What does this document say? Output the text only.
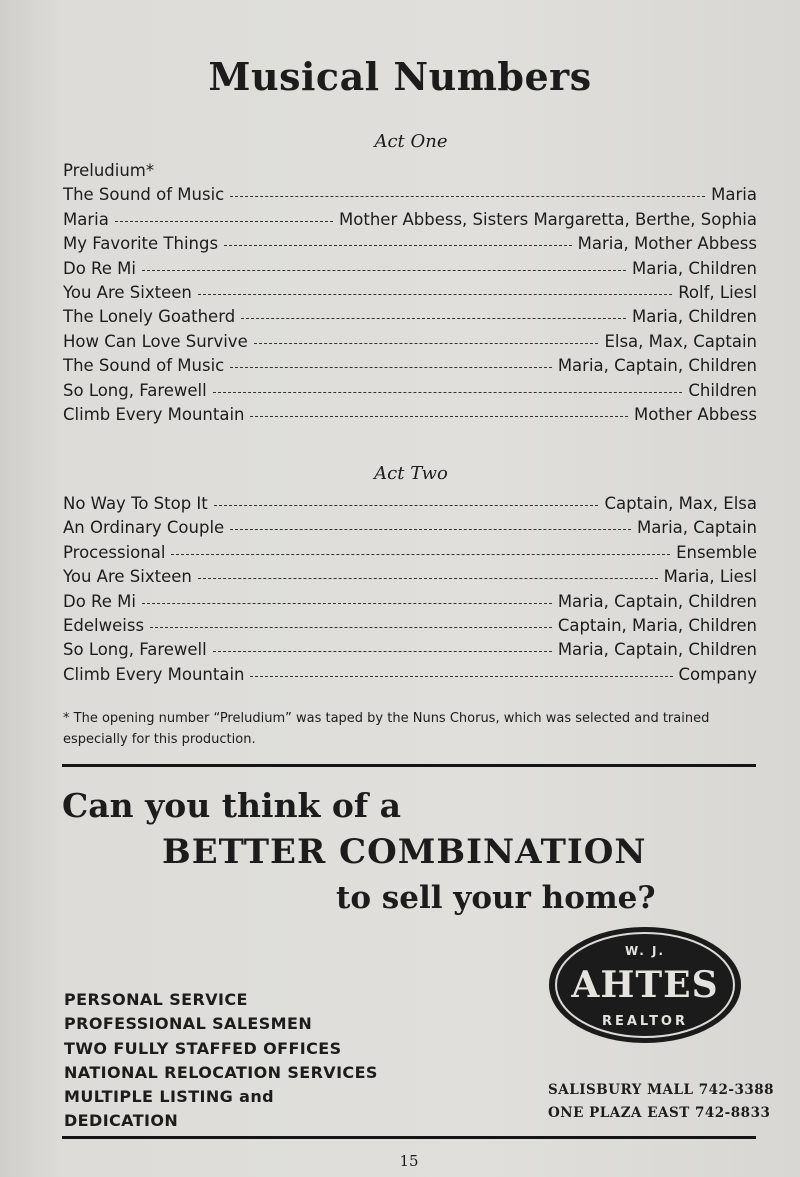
Musical Numbers
Act One
Preludium*
The Sound of Music	Maria
Maria	Mother Abbess, Sisters Margaretta, Berthe, Sophia
My Favorite Things	Maria, Mother Abbess
Do Re Mi	Maria, Children
You Are Sixteen	Rolf, Liesl
The Lonely Goatherd	Maria, Children
How Can Love Survive	Elsa, Max, Captain
The Sound of Music	Maria, Captain, Children
So Long, Farewell	Children
Climb Every Mountain	Mother Abbess
Act Two
No Way To Stop It	Captain, Max, Elsa
An Ordinary Couple	Maria, Captain
Processional	Ensemble
You Are Sixteen	Maria, Liesl
Do Re Mi	Maria, Captain, Children
Edelweiss	Captain, Maria, Children
So Long, Farewell	Maria, Captain, Children
Climb Every Mountain	Company
* The opening number “Preludium” was taped by the Nuns Chorus, which was selected and trained especially for this production.
Can you think of a
BETTER COMBINATION
to sell your home?
PERSONAL SERVICE
PROFESSIONAL SALESMEN
TWO FULLY STAFFED OFFICES
NATIONAL RELOCATION SERVICES
MULTIPLE LISTING and
DEDICATION
W. J.
AHTES
REALTOR
SALISBURY MALL 742-3388
ONE PLAZA EAST 742-8833
15
